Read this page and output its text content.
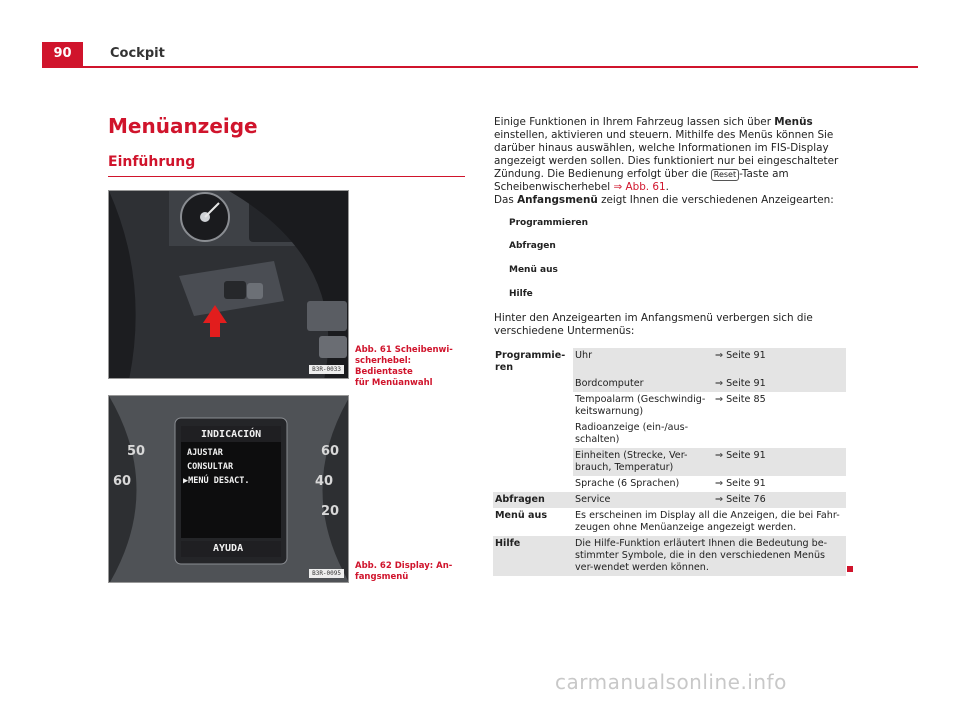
90	Cockpit
Menüanzeige
Einführung
B3R-0033
Abb. 61 Scheibenwi-
scherhebel: Bedientaste
für Menüanwahl
INDICACIÓN
AJUSTAR
CONSULTAR
▶MENÚ DESACT.
AYUDA
50
60
60
40
20
B3R-0095
Abb. 62 Display: An-
fangsmenü
Einige Funktionen in Ihrem Fahrzeug lassen sich über Menüs einstellen, aktivieren und steuern. Mithilfe des Menüs können Sie darüber hinaus auswählen, welche Informationen im FIS-Display angezeigt werden sollen. Dies funktioniert nur bei eingeschalteter Zündung. Die Bedienung erfolgt über die Reset -Taste am Scheibenwischerhebel ⇒ Abb. 61.
Das Anfangsmenü zeigt Ihnen die verschiedenen Anzeigearten:
Programmieren
Abfragen
Menü aus
Hilfe
Hinter den Anzeigearten im Anfangsmenü verbergen sich die verschiedene Untermenüs:
Programmie-ren	Uhr	⇒ Seite 91
	Bordcomputer	⇒ Seite 91
	Tempoalarm (Geschwindig-keitswarnung)	⇒ Seite 85
	Radioanzeige (ein-/aus-schalten)	
	Einheiten (Strecke, Ver-brauch, Temperatur)	⇒ Seite 91
	Sprache (6 Sprachen)	⇒ Seite 91
Abfragen	Service	⇒ Seite 76
Menü aus	Es erscheinen im Display all die Anzeigen, die bei Fahr-zeugen ohne Menüanzeige angezeigt werden.	
Hilfe	Die Hilfe-Funktion erläutert Ihnen die Bedeutung be-stimmter Symbole, die in den verschiedenen Menüs ver-wendet werden können.	
carmanualsonline.info
